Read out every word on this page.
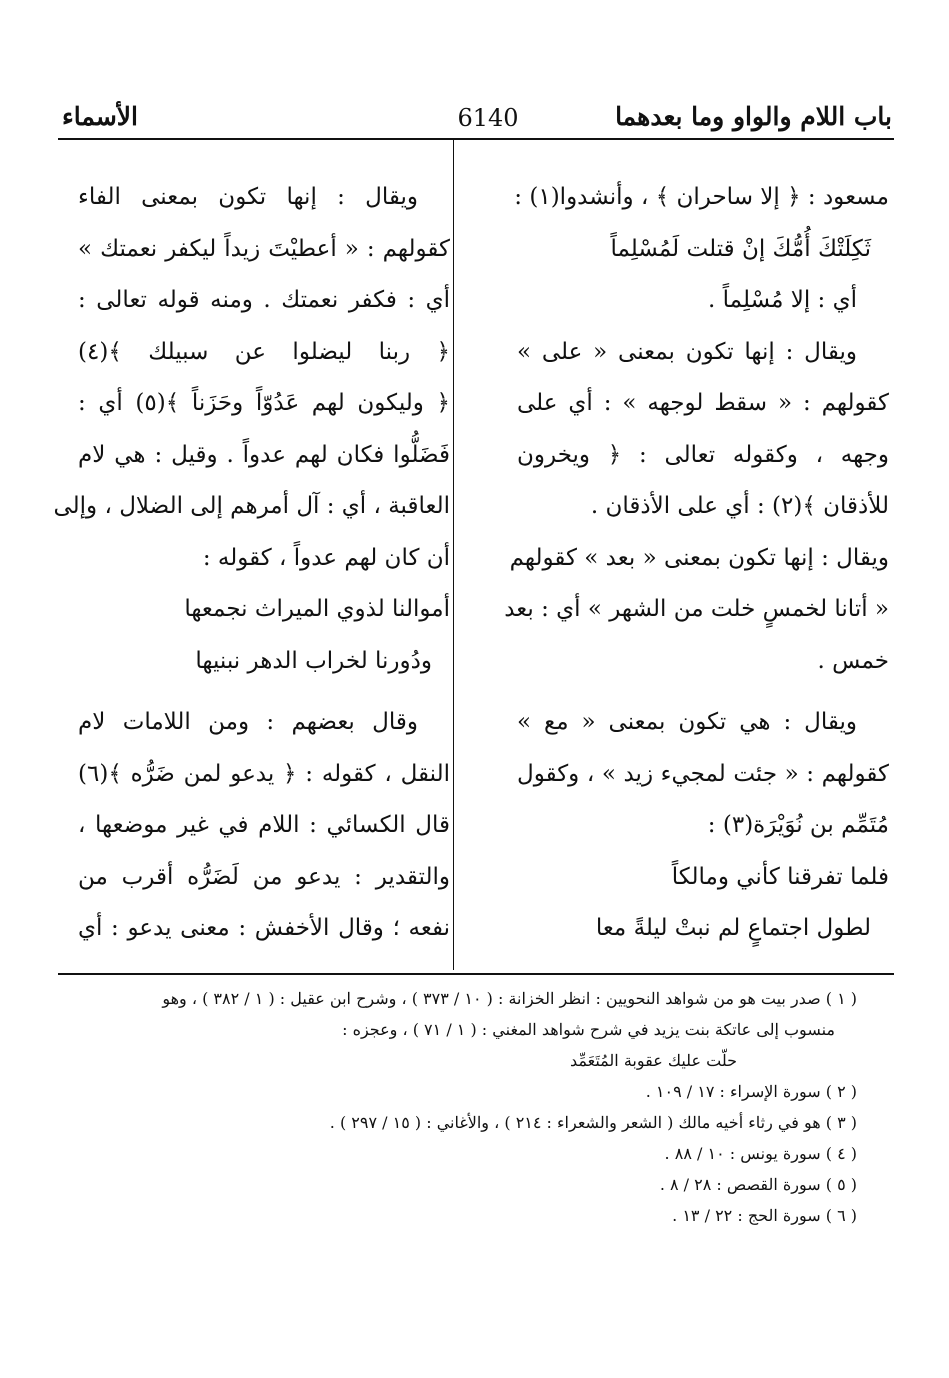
باب اللام والواو وما بعدهما
6140
الأسماء
مسعود : ﴿ إلا ساحران ﴾ ، وأنشدوا(١) :
ثَكِلَتْكَ أُمُّكَ إنْ قتلت لَمُسْلِماً
أي : إلا مُسْلِماً .
ويقال : إنها تكون بمعنى « على »
كقولهم : « سقط لوجهه » : أي على
وجهه ، وكقوله تعالى : ﴿ ويخرون
للأذقان ﴾(٢) : أي على الأذقان .
ويقال : إنها تكون بمعنى « بعد » كقولهم
« أتانا لخمسٍ خلت من الشهر » أي : بعد
خمس .
ويقال : هي تكون بمعنى « مع »
كقولهم : « جئت لمجيء زيد » ، وكقول
مُتَمِّم بن نُوَيْرَة(٣) :
فلما تفرقنا كأني ومالكاً
لطول اجتماعٍ لم نبتْ ليلةً معا
ويقال : إنها تكون بمعنى الفاء
كقولهم : « أعطيْتَ زيداً ليكفر نعمتك »
أي : فكفر نعمتك . ومنه قوله تعالى :
﴿ ربنا ليضلوا عن سبيلك ﴾(٤)
﴿ وليكون لهم عَدُوّاً وحَزَناً ﴾(٥) أي :
فَضَلُّوا فكان لهم عدواً . وقيل : هي لام
العاقبة ، أي : آل أمرهم إلى الضلال ، وإلى
أن كان لهم عدواً ، كقوله :
أموالنا لذوي الميراث نجمعها
ودُورنا لخراب الدهر نبنيها
وقال بعضهم : ومن اللامات لام
النقل ، كقوله : ﴿ يدعو لمن ضَرُّه ﴾(٦)
قال الكسائي : اللام في غير موضعها ،
والتقدير : يدعو من لَضَرُّه أقرب من
نفعه ؛ وقال الأخفش : معنى يدعو : أي
( ١ ) صدر بيت هو من شواهد النحويين : انظر الخزانة : ( ١٠ / ٣٧٣ ) ، وشرح ابن عقيل : ( ١ / ٣٨٢ ) ، وهو
منسوب إلى عاتكة بنت يزيد في شرح شواهد المغني : ( ١ / ٧١ ) ، وعجزه :
حلّت عليك عقوبة المُتَعَمِّد
( ٢ ) سورة الإسراء : ١٧ / ١٠٩ .
( ٣ ) هو في رثاء أخيه مالك ( الشعر والشعراء : ٢١٤ ) ، والأغاني : ( ١٥ / ٢٩٧ ) .
( ٤ ) سورة يونس : ١٠ / ٨٨ .
( ٥ ) سورة القصص : ٢٨ / ٨ .
( ٦ ) سورة الحج : ٢٢ / ١٣ .
